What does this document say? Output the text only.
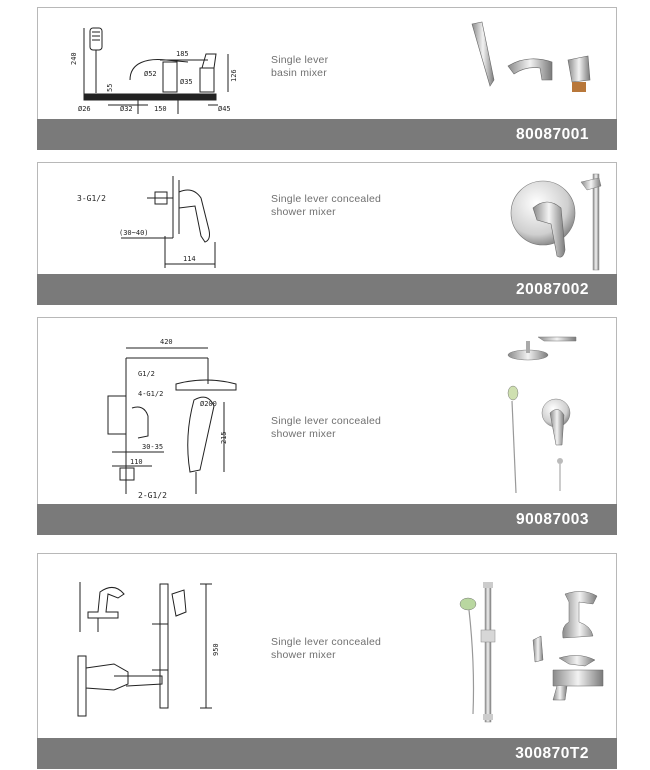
240	185
Ø52
Ø35	126
55
Ø26	Ø32	Ø45
150
Single lever
basin mixer
80087001
3-G1/2
(30~40)
114
Single lever concealed
shower mixer
20087002
420
G1/2
4-G1/2
Ø200
215
30-35
110
2-G1/2
Single lever concealed
shower mixer
90087003
950
Single lever concealed
shower mixer
300870T2
